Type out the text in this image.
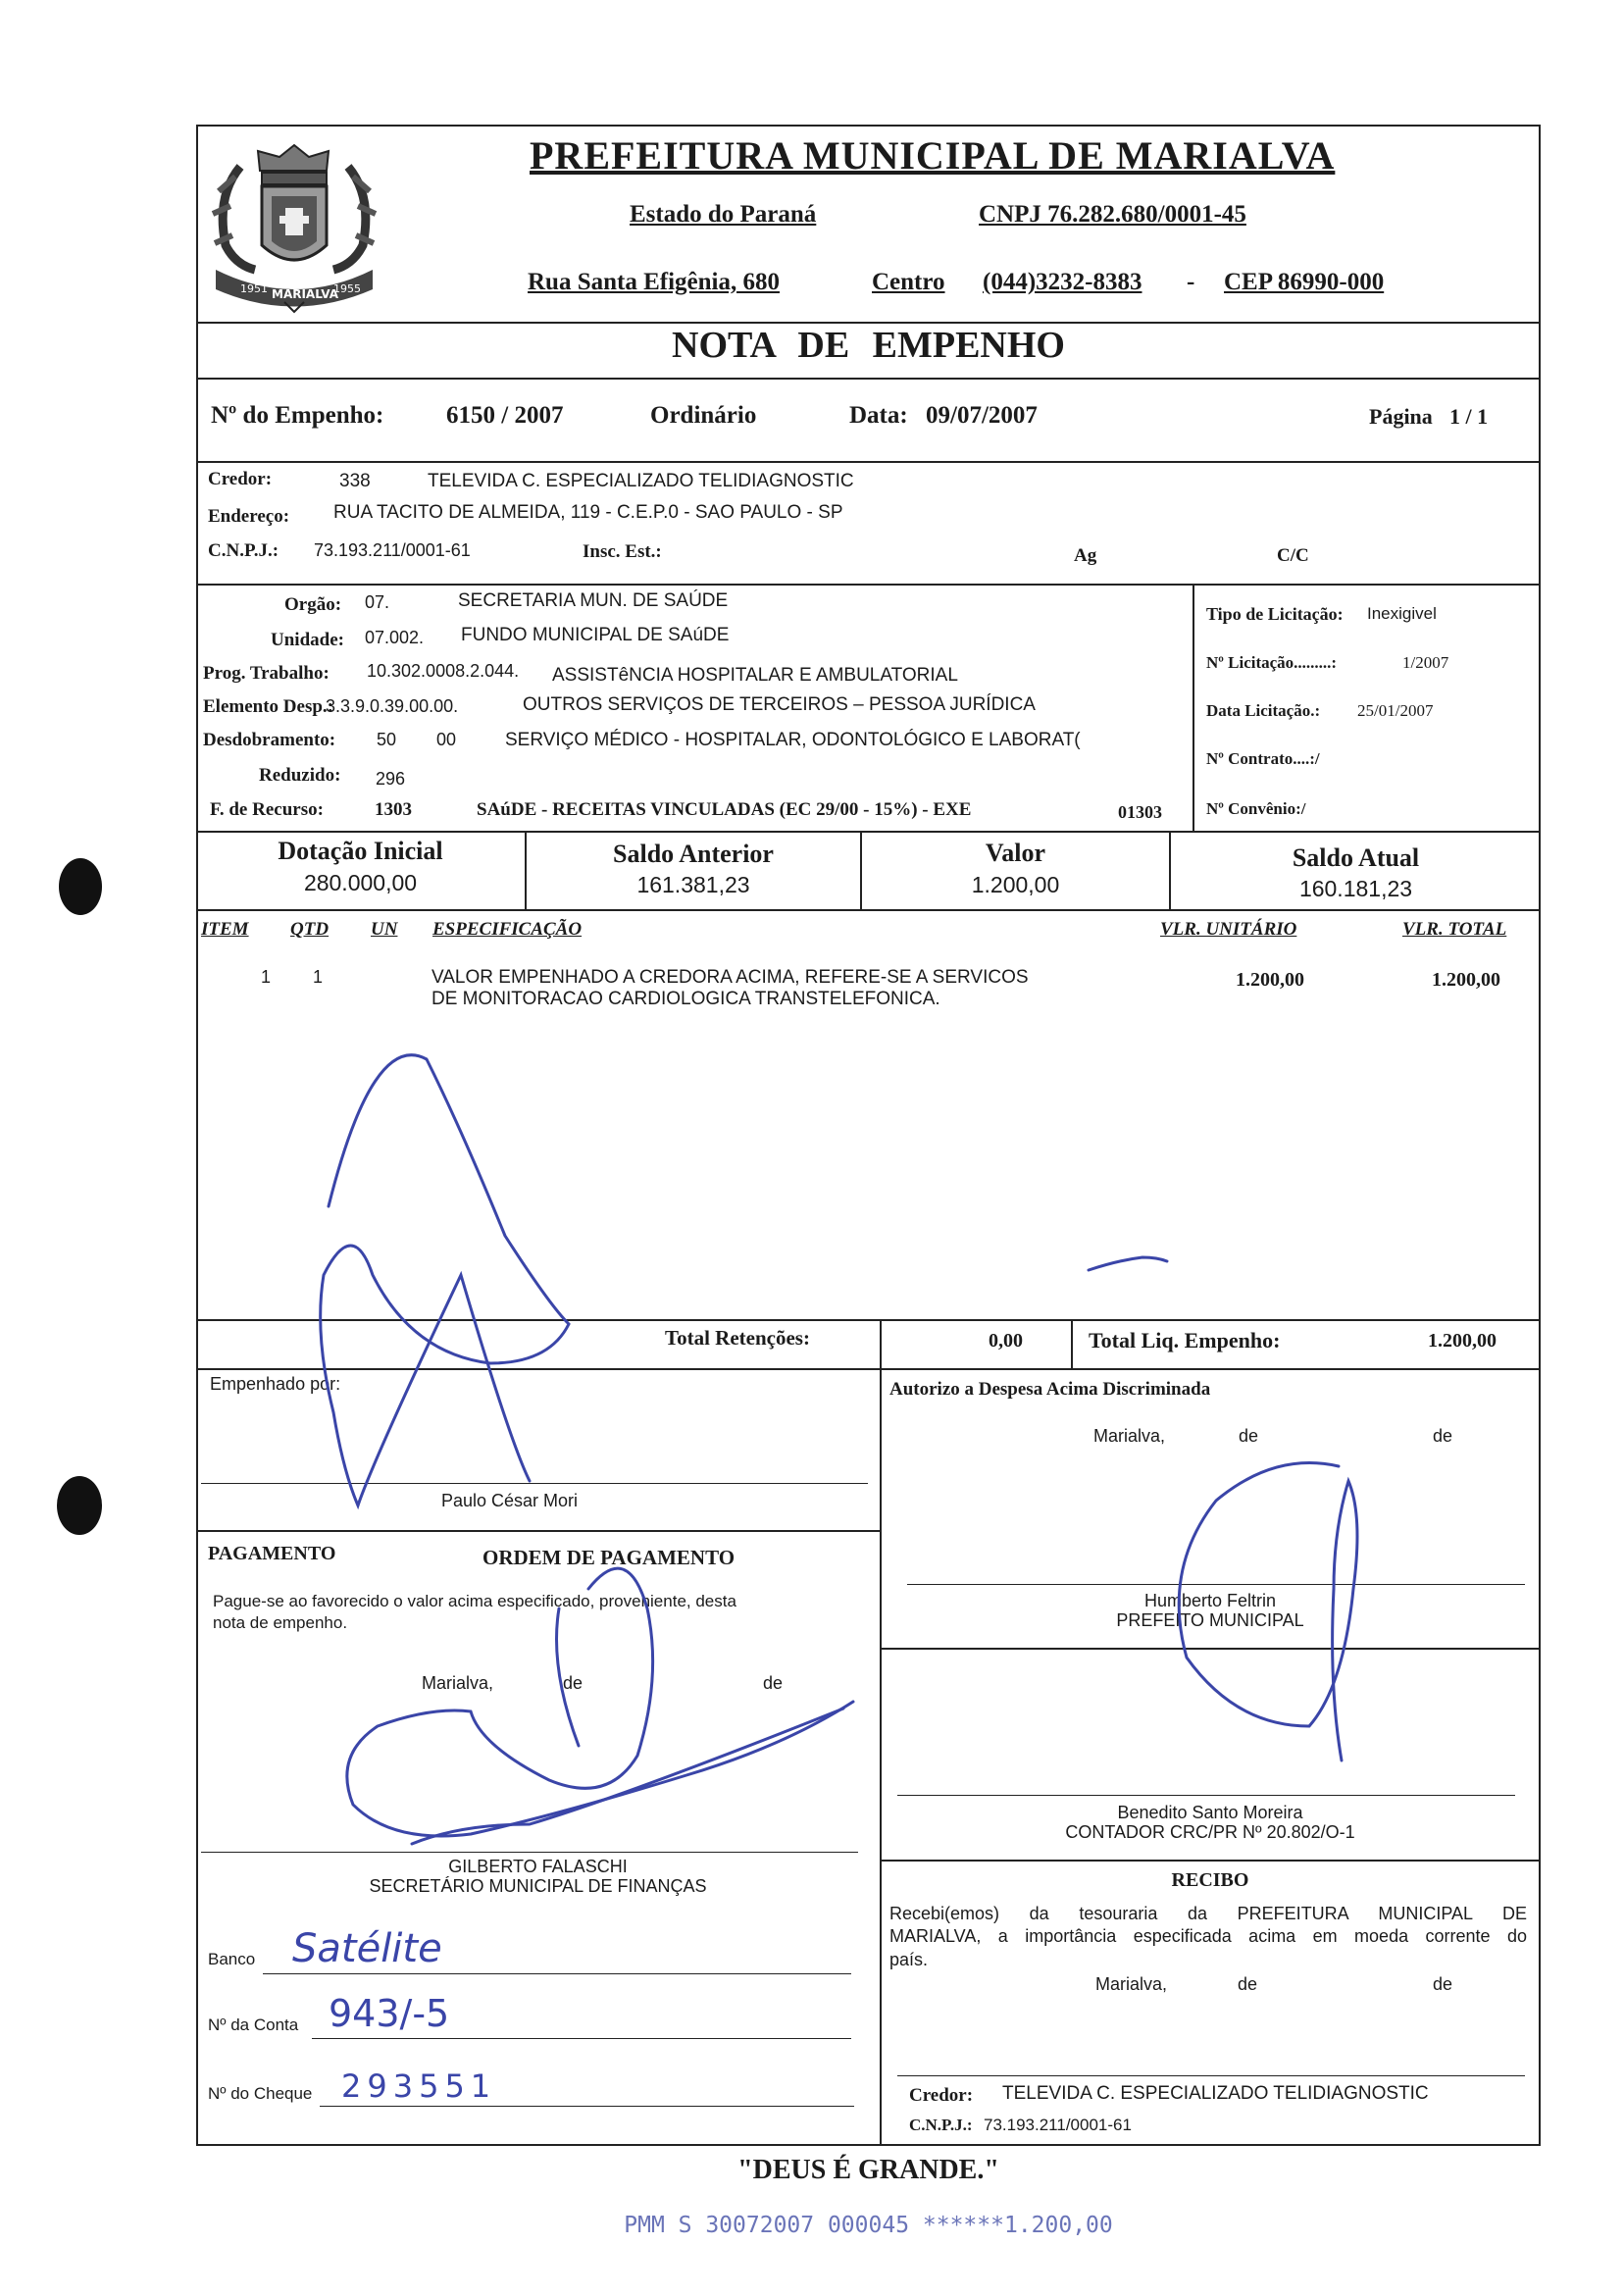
1951 MARIALVA
1955
PREFEITURA MUNICIPAL DE MARIALVA
Estado do Paraná	CNPJ 76.282.680/0001-45
Rua Santa Efigênia, 680	Centro (044)3232-8383 - CEP 86990-000
NOTA DE EMPENHO
Nº do Empenho:	6150 / 2007	Ordinário	Data: 09/07/2007	Página 1 / 1
Credor:	338	TELEVIDA C. ESPECIALIZADO TELIDIAGNOSTIC
Endereço: RUA TACITO DE ALMEIDA, 119 - C.E.P.0 - SAO PAULO - SP
C.N.P.J.: 73.193.211/0001-61	Insc. Est.:	Ag	C/C
Orgão: 07.	SECRETARIA MUN. DE SAÚDE
Unidade: 07.002. FUNDO MUNICIPAL DE SAúDE
Prog. Trabalho: 10.302.0008.2.044. ASSISTêNCIA HOSPITALAR E AMBULATORIAL
Elemento Desp.:
3.3.9.0.39.00.00.	OUTROS SERVIÇOS DE TERCEIROS – PESSOA JURÍDICA
Desdobramento: 50 00	SERVIÇO MÉDICO - HOSPITALAR, ODONTOLÓGICO E LABORAT(
Reduzido: 296
F. de Recurso:	1303	SAúDE - RECEITAS VINCULADAS (EC 29/00 - 15%) - EXE	01303
Tipo de Licitação: Inexigivel
Nº Licitação.........:	1/2007
Data Licitação.: 25/01/2007
Nº Contrato....:/
Nº Convênio:/
Dotação Inicial
280.000,00
Saldo Anterior
161.381,23
Valor
1.200,00
Saldo Atual
160.181,23
ITEM QTD UN ESPECIFICAÇÃO	VLR. UNITÁRIO	VLR. TOTAL
1 1	VALOR EMPENHADO A CREDORA ACIMA, REFERE-SE A SERVICOS
DE MONITORACAO CARDIOLOGICA TRANSTELEFONICA.
1.200,00	1.200,00
Total Retenções:	0,00	Total Liq. Empenho:	1.200,00
Empenhado por:
Paulo César Mori
Autorizo a Despesa Acima Discriminada
Marialva,	de	de
Humberto Feltrin
PREFEITO MUNICIPAL
Benedito Santo Moreira
CONTADOR CRC/PR Nº 20.802/O-1
PAGAMENTO	ORDEM DE PAGAMENTO
Pague-se ao favorecido o valor acima especificado, proveniente, desta
nota de empenho.
Marialva,	de	de
GILBERTO FALASCHI
SECRETÁRIO MUNICIPAL DE FINANÇAS
Banco Satélite
Nº da Conta 943/-5
Nº do Cheque 293551
RECIBO
Recebi(emos) da tesouraria da PREFEITURA MUNICIPAL DE
MARIALVA, a importância especificada acima em moeda corrente do
país.
Marialva,	de	de
Credor: TELEVIDA C. ESPECIALIZADO TELIDIAGNOSTIC
C.N.P.J.: 73.193.211/0001-61
"DEUS É GRANDE."
PMM S 30072007 000045 ******1.200,00
